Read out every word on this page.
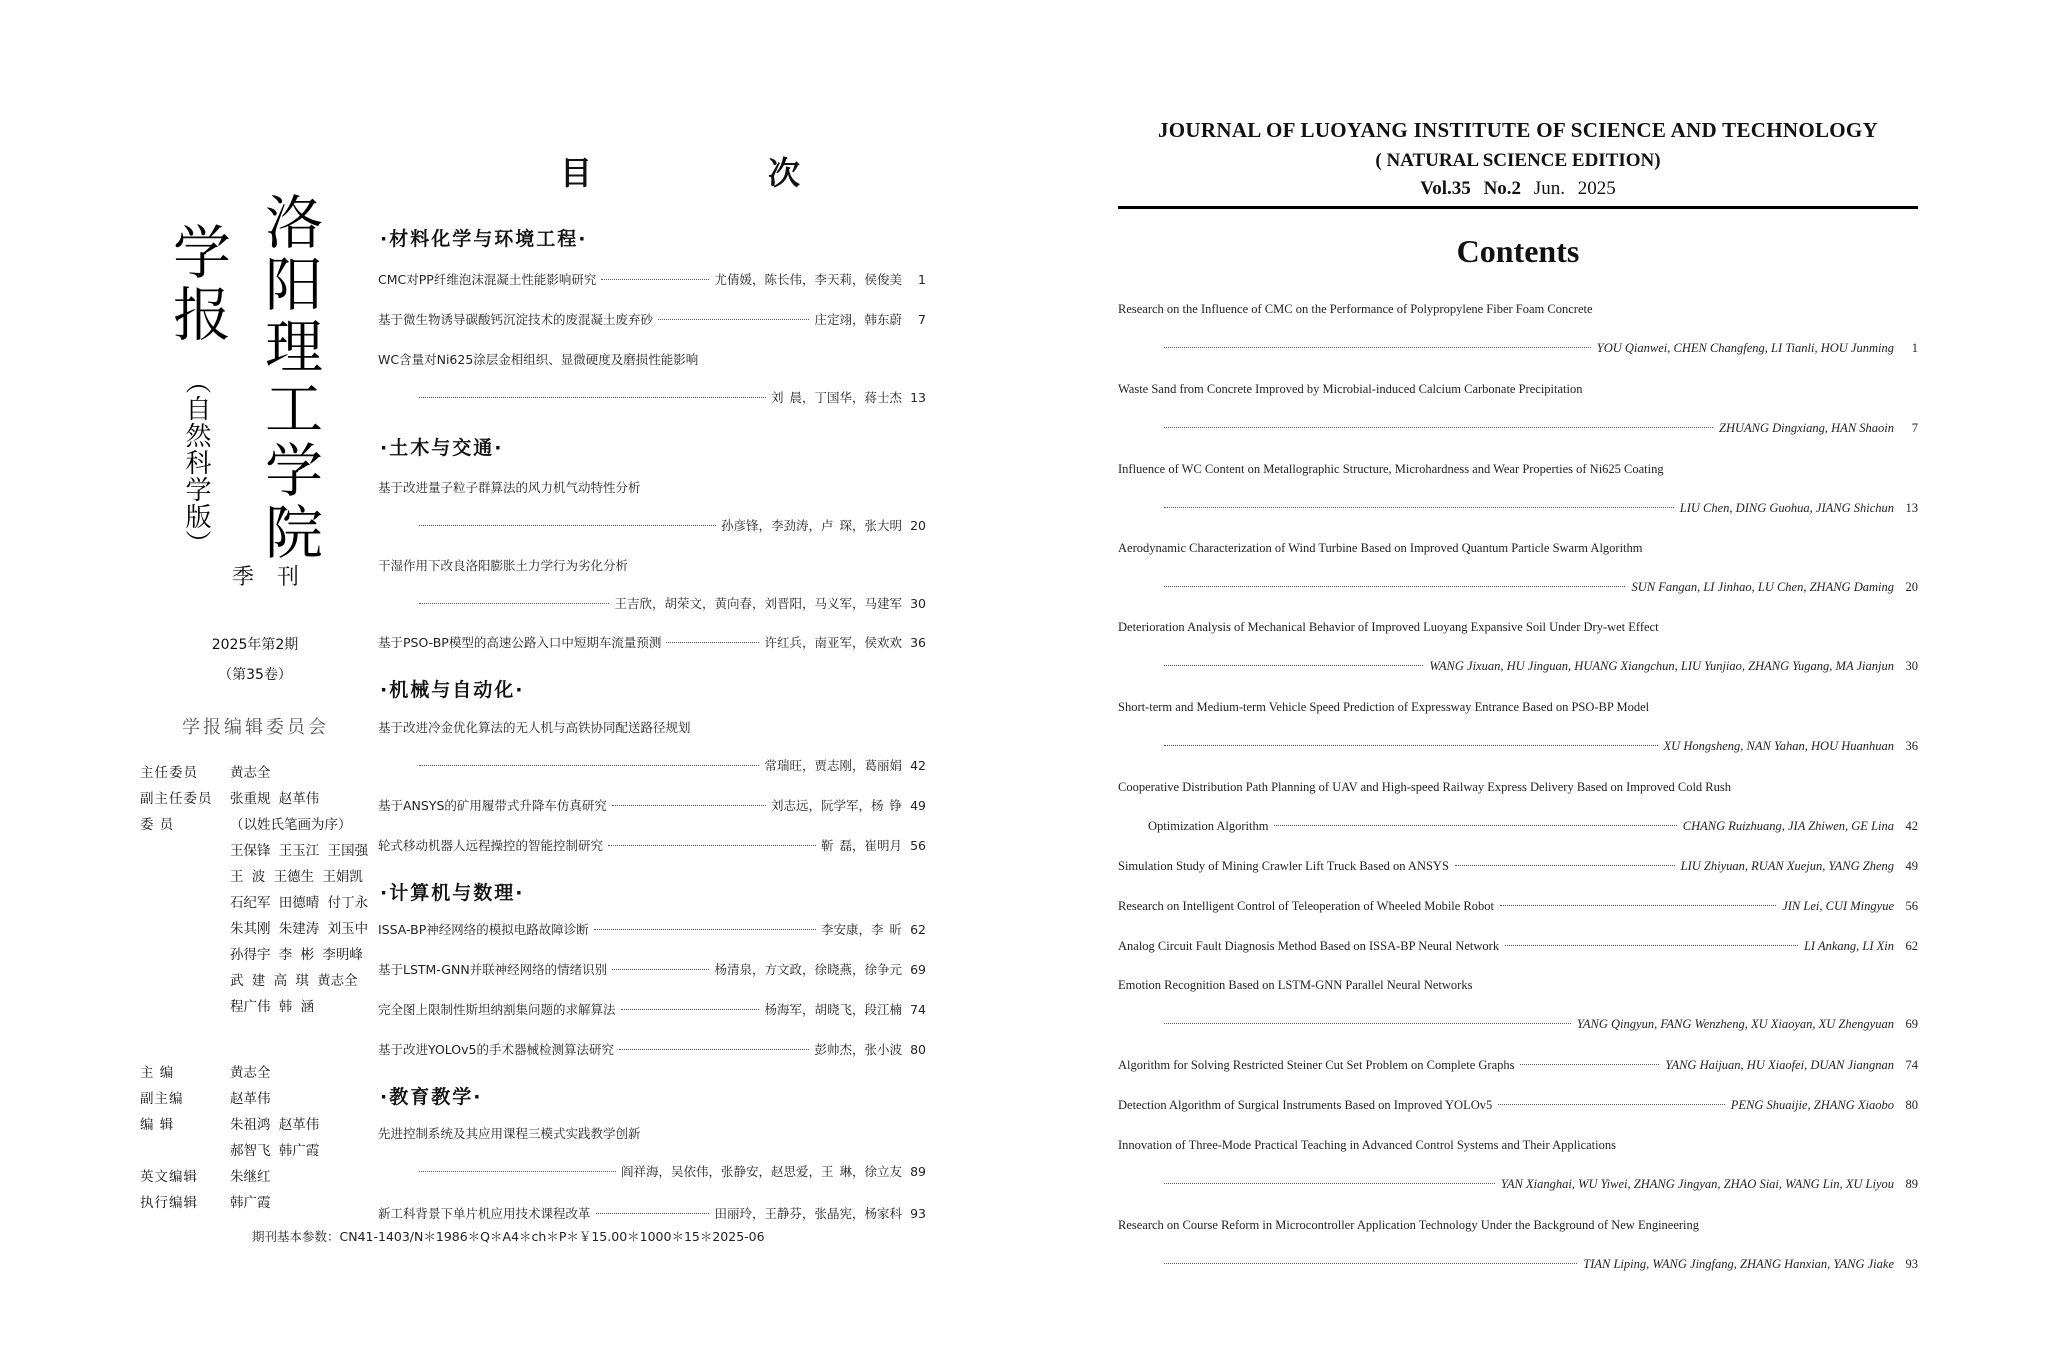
洛阳理工学院
学报
（自然科学版）
目	次
季 刊
2025年第2期
（第35卷）
学报编辑委员会
主任委员	黄志全
副主任委员	张重规 赵革伟
委 员	（以姓氏笔画为序）
王保锋 王玉江 王国强
王 波 王德生 王娟凯
石纪军 田德晴 付丁永
朱其刚 朱建涛 刘玉中
孙得宇 李 彬 李明峰
武 建 高 琪 黄志全
程广伟 韩 涵
主 编	黄志全
副主编	赵革伟
编 辑	朱祖鸿 赵革伟
郝智飞 韩广霞
英文编辑	朱继红
执行编辑	韩广霞
·材料化学与环境工程·
CMC对PP纤维泡沫混凝土性能影响研究	尤倩媛，陈长伟，李天莉，侯俊美	1
基于微生物诱导碳酸钙沉淀技术的废混凝土废弃砂	庄定翊，韩东蔚	7
WC含量对Ni625涂层金相组织、显微硬度及磨损性能影响
刘 晨，丁国华，蒋士杰 13
·土木与交通·
基于改进量子粒子群算法的风力机气动特性分析
孙彦锋，李劲涛，卢 琛，张大明 20
干湿作用下改良洛阳膨胀土力学行为劣化分析
王吉欣，胡荣文，黄向春，刘晋阳，马义军，马建军 30
基于PSO-BP模型的高速公路入口中短期车流量预测	许红兵，南亚军，侯欢欢 36
·机械与自动化·
基于改进冷金优化算法的无人机与高铁协同配送路径规划
常瑞旺，贾志刚，葛丽娟 42
基于ANSYS的矿用履带式升降车仿真研究	刘志远，阮学军，杨 铮 49
轮式移动机器人远程操控的智能控制研究	靳 磊，崔明月 56
·计算机与数理·
ISSA-BP神经网络的模拟电路故障诊断	李安康，李 昕 62
基于LSTM-GNN并联神经网络的情绪识别	杨清泉，方文政，徐晓燕，徐争元 69
完全图上限制性斯坦纳割集问题的求解算法	杨海军，胡晓飞，段江楠 74
基于改进YOLOv5的手术器械检测算法研究	彭帅杰，张小波 80
·教育教学·
先进控制系统及其应用课程三模式实践教学创新
阎祥海，吴依伟，张静安，赵思爱，王 琳，徐立友 89
新工科背景下单片机应用技术课程改革	田丽玲，王静芬，张晶宪，杨家科 93
期刊基本参数：CN41-1403/N＊1986＊Q＊A4＊ch＊P＊￥15.00＊1000＊15＊2025-06
JOURNAL OF LUOYANG INSTITUTE OF SCIENCE AND TECHNOLOGY
( NATURAL SCIENCE EDITION)
Vol.35 No.2 Jun. 2025
Contents
Research on the Influence of CMC on the Performance of Polypropylene Fiber Foam Concrete
YOU Qianwei, CHEN Changfeng, LI Tianli, HOU Junming	1
Waste Sand from Concrete Improved by Microbial-induced Calcium Carbonate Precipitation
ZHUANG Dingxiang, HAN Shaoin	7
Influence of WC Content on Metallographic Structure, Microhardness and Wear Properties of Ni625 Coating
LIU Chen, DING Guohua, JIANG Shichun 13
Aerodynamic Characterization of Wind Turbine Based on Improved Quantum Particle Swarm Algorithm
SUN Fangan, LI Jinhao, LU Chen, ZHANG Daming 20
Deterioration Analysis of Mechanical Behavior of Improved Luoyang Expansive Soil Under Dry-wet Effect
WANG Jixuan, HU Jinguan, HUANG Xiangchun, LIU Yunjiao, ZHANG Yugang, MA Jianjun 30
Short-term and Medium-term Vehicle Speed Prediction of Expressway Entrance Based on PSO-BP Model
XU Hongsheng, NAN Yahan, HOU Huanhuan 36
Cooperative Distribution Path Planning of UAV and High-speed Railway Express Delivery Based on Improved Cold Rush
Optimization Algorithm	CHANG Ruizhuang, JIA Zhiwen, GE Lina 42
Simulation Study of Mining Crawler Lift Truck Based on ANSYS	LIU Zhiyuan, RUAN Xuejun, YANG Zheng 49
Research on Intelligent Control of Teleoperation of Wheeled Mobile Robot	JIN Lei, CUI Mingyue 56
Analog Circuit Fault Diagnosis Method Based on ISSA-BP Neural Network	LI Ankang, LI Xin 62
Emotion Recognition Based on LSTM-GNN Parallel Neural Networks
YANG Qingyun, FANG Wenzheng, XU Xiaoyan, XU Zhengyuan 69
Algorithm for Solving Restricted Steiner Cut Set Problem on Complete Graphs	YANG Haijuan, HU Xiaofei, DUAN Jiangnan 74
Detection Algorithm of Surgical Instruments Based on Improved YOLOv5	PENG Shuaijie, ZHANG Xiaobo 80
Innovation of Three-Mode Practical Teaching in Advanced Control Systems and Their Applications
YAN Xianghai, WU Yiwei, ZHANG Jingyan, ZHAO Siai, WANG Lin, XU Liyou 89
Research on Course Reform in Microcontroller Application Technology Under the Background of New Engineering
TIAN Liping, WANG Jingfang, ZHANG Hanxian, YANG Jiake 93
